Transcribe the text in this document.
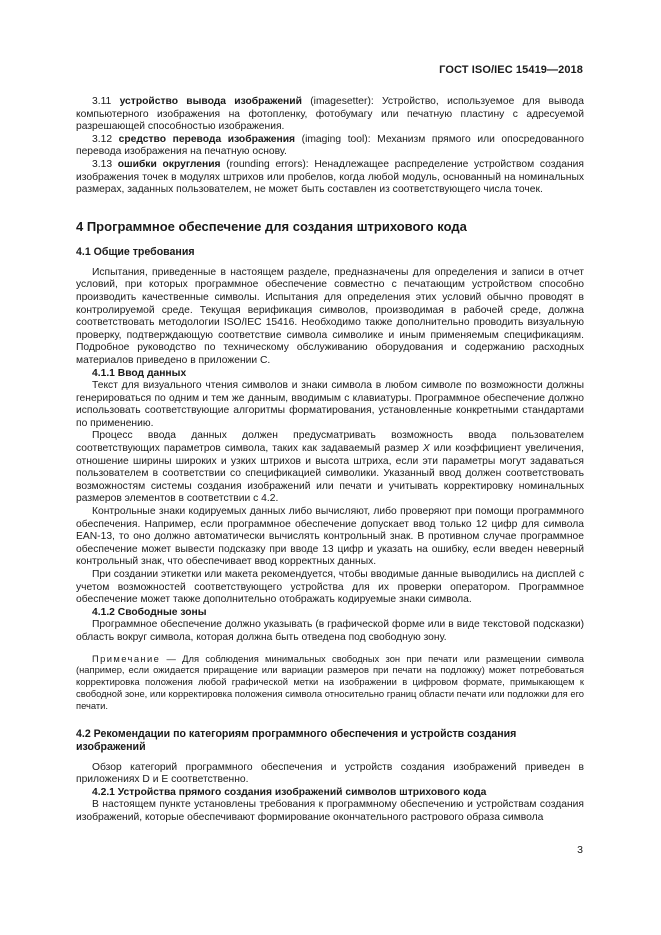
ГОСТ ISO/IEC 15419—2018

3.11 устройство вывода изображений (imagesetter): Устройство, используемое для вывода компьютерного изображения на фотопленку, фотобумагу или печатную пластину с адресуемой разрешающей способностью изображения.

3.12 средство перевода изображения (imaging tool): Механизм прямого или опосредованного перевода изображения на печатную основу.

3.13 ошибки округления (rounding errors): Ненадлежащее распределение устройством создания изображения точек в модулях штрихов или пробелов, когда любой модуль, основанный на номинальных размерах, заданных пользователем, не может быть составлен из соответствующего числа точек.

4 Программное обеспечение для создания штрихового кода
4.1 Общие требования

Испытания, приведенные в настоящем разделе, предназначены для определения и записи в отчет условий, при которых программное обеспечение совместно с печатающим устройством способно производить качественные символы. Испытания для определения этих условий обычно проводят в контролируемой среде. Текущая верификация символов, производимая в рабочей среде, должна соответствовать методологии ISO/IEC 15416. Необходимо также дополнительно проводить визуальную проверку, подтверждающую соответствие символа символике и иным применяемым спецификациям. Подробное руководство по техническому обслуживанию оборудования и содержанию расходных материалов приведено в приложении С.

4.1.1 Ввод данных

Текст для визуального чтения символов и знаки символа в любом символе по возможности должны генерироваться по одним и тем же данным, вводимым с клавиатуры. Программное обеспечение должно использовать соответствующие алгоритмы форматирования, установленные конкретными стандартами по применению.

Процесс ввода данных должен предусматривать возможность ввода пользователем соответствующих параметров символа, таких как задаваемый размер X или коэффициент увеличения, отношение ширины широких и узких штрихов и высота штриха, если эти параметры могут задаваться пользователем в соответствии со спецификацией символики. Указанный ввод должен соответствовать возможностям системы создания изображений или печати и учитывать корректировку номинальных размеров элементов в соответствии с 4.2.

Контрольные знаки кодируемых данных либо вычисляют, либо проверяют при помощи программного обеспечения. Например, если программное обеспечение допускает ввод только 12 цифр для символа EAN-13, то оно должно автоматически вычислять контрольный знак. В противном случае программное обеспечение может вывести подсказку при вводе 13 цифр и указать на ошибку, если введен неверный контрольный знак, что обеспечивает ввод корректных данных.

При создании этикетки или макета рекомендуется, чтобы вводимые данные выводились на дисплей с учетом возможностей соответствующего устройства для их проверки оператором. Программное обеспечение может также дополнительно отображать кодируемые знаки символа.

4.1.2 Свободные зоны

Программное обеспечение должно указывать (в графической форме или в виде текстовой подсказки) область вокруг символа, которая должна быть отведена под свободную зону.

Примечание — Для соблюдения минимальных свободных зон при печати или размещении символа (например, если ожидается приращение или вариации размеров при печати на подложку) может потребоваться корректировка положения любой графической метки на изображении в цифровом формате, примыкающем к свободной зоне, или корректировка положения символа относительно границ области печати или подложки для его печати.

4.2 Рекомендации по категориям программного обеспечения и устройств создания изображений

Обзор категорий программного обеспечения и устройств создания изображений приведен в приложениях D и E соответственно.

4.2.1 Устройства прямого создания изображений символов штрихового кода

В настоящем пункте установлены требования к программному обеспечению и устройствам создания изображений, которые обеспечивают формирование окончательного растрового образа символа

3
